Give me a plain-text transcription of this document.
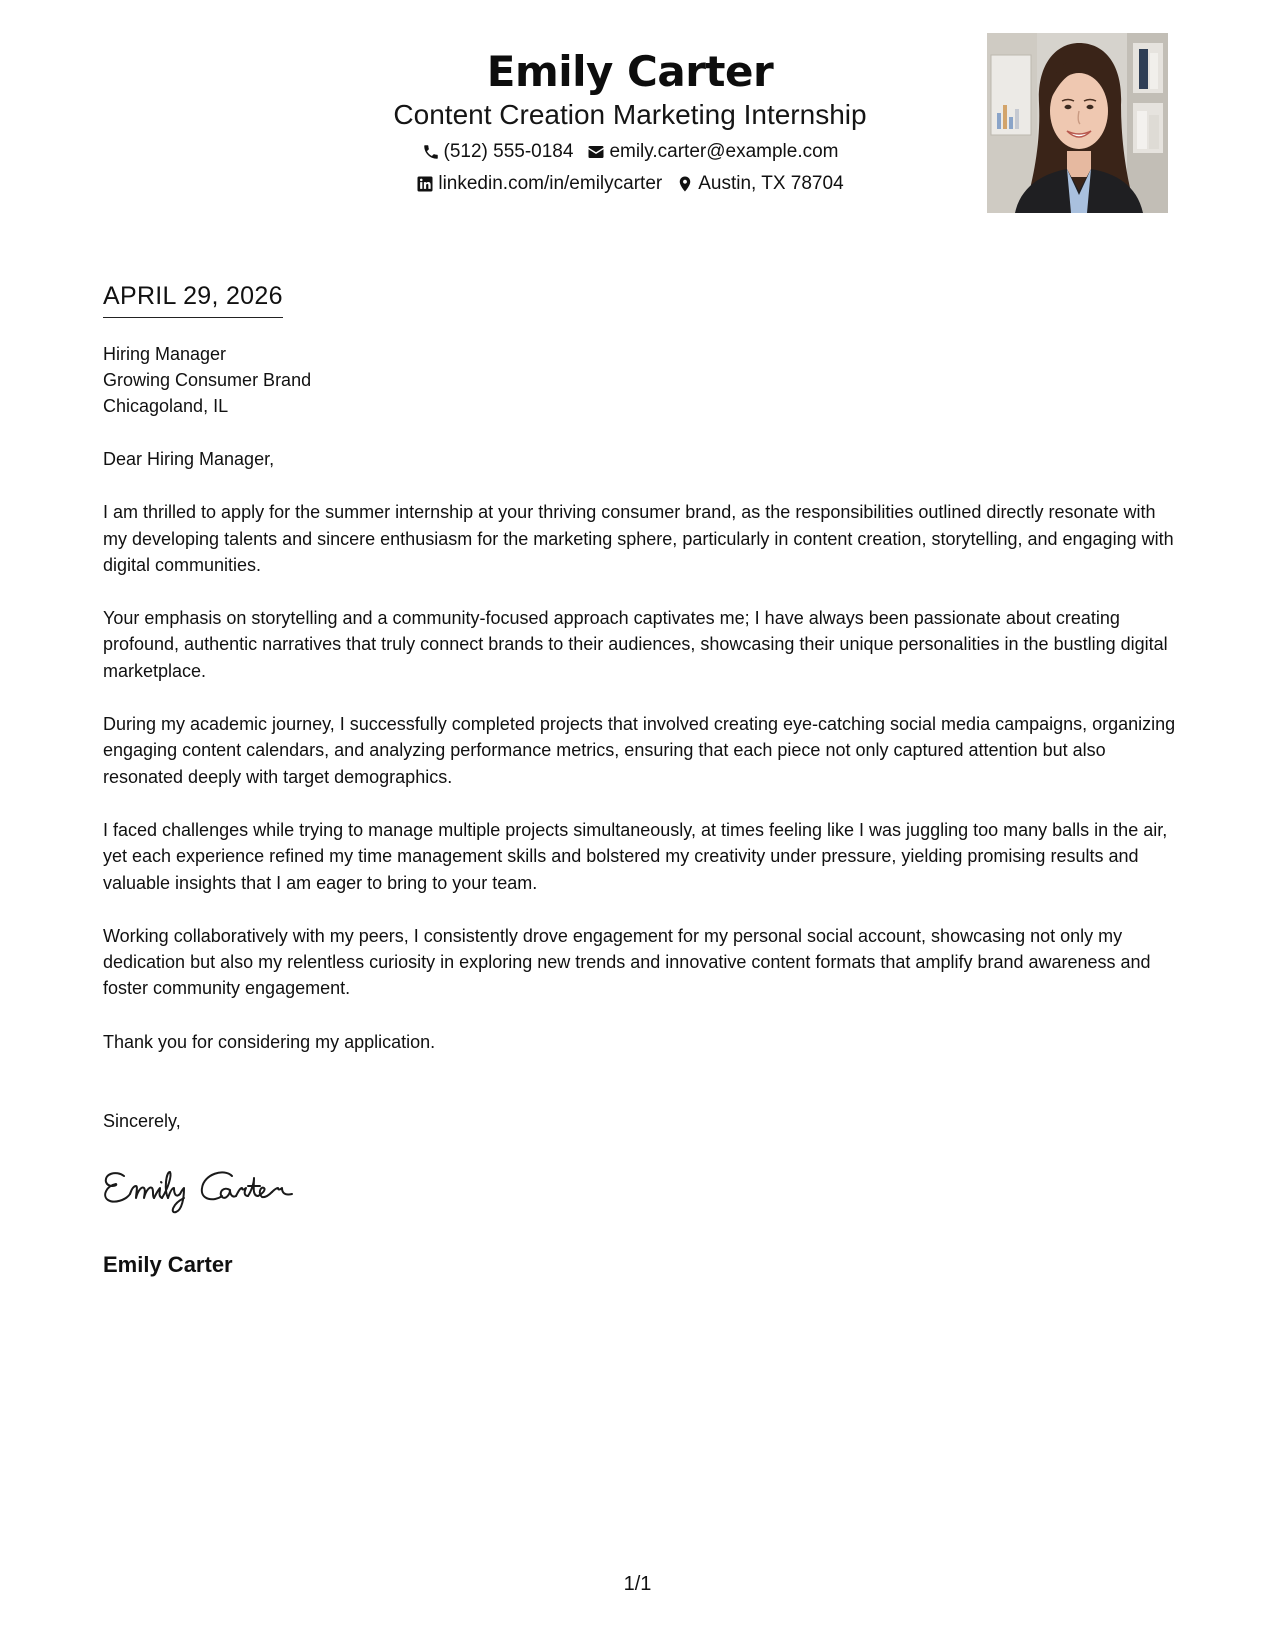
Emily Carter
Content Creation Marketing Internship
(512) 555-0184 emily.carter@example.com
linkedin.com/in/emilycarter Austin, TX 78704
APRIL 29, 2026
Hiring Manager
Growing Consumer Brand
Chicagoland, IL

Dear Hiring Manager,

I am thrilled to apply for the summer internship at your thriving consumer brand, as the responsibilities outlined directly resonate with my developing talents and sincere enthusiasm for the marketing sphere, particularly in content creation, storytelling, and engaging with digital communities.

Your emphasis on storytelling and a community-focused approach captivates me; I have always been passionate about creating profound, authentic narratives that truly connect brands to their audiences, showcasing their unique personalities in the bustling digital marketplace.

During my academic journey, I successfully completed projects that involved creating eye-catching social media campaigns, organizing engaging content calendars, and analyzing performance metrics, ensuring that each piece not only captured attention but also resonated deeply with target demographics.

I faced challenges while trying to manage multiple projects simultaneously, at times feeling like I was juggling too many balls in the air, yet each experience refined my time management skills and bolstered my creativity under pressure, yielding promising results and valuable insights that I am eager to bring to your team.

Working collaboratively with my peers, I consistently drove engagement for my personal social account, showcasing not only my dedication but also my relentless curiosity in exploring new trends and innovative content formats that amplify brand awareness and foster community engagement.

Thank you for considering my application.

Sincerely,
Emily Carter
1/1
